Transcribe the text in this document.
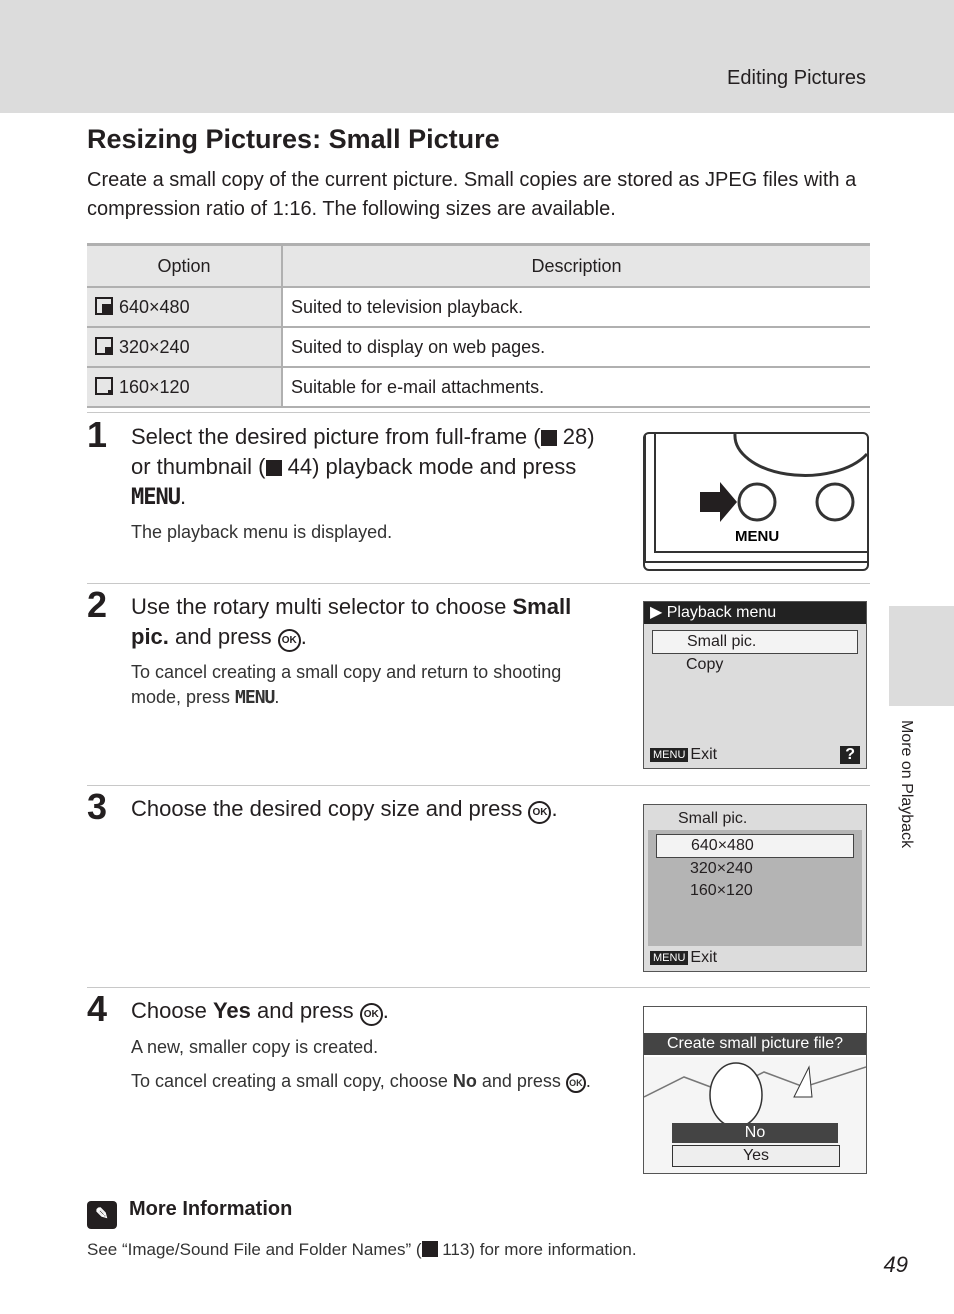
Editing Pictures
Resizing Pictures: Small Picture
Create a small copy of the current picture. Small copies are stored as JPEG files with a compression ratio of 1:16. The following sizes are available.
Option	Description

640×480	Suited to television playback.

320×240	Suited to display on web pages.

160×120	Suitable for e-mail attachments.
1 Select the desired picture from full-frame ( 28) or thumbnail ( 44) playback mode and press MENU.
The playback menu is displayed.	MENU
2 Use the rotary multi selector to choose Small pic. and press OK .
To cancel creating a small copy and return to shooting mode, press MENU.
▶ Playback menu
Small pic.
Copy
MENU Exit	?
3 Choose the desired copy size and press OK .	Small pic.
640×480
320×240
160×120
MENU Exit
4 Choose Yes and press OK .
A new, smaller copy is created.
To cancel creating a small copy, choose No and press OK .
Create small picture file?
No
Yes
✎ More Information
See “Image/Sound File and Folder Names” ( 113) for more information.
More on Playback
49
